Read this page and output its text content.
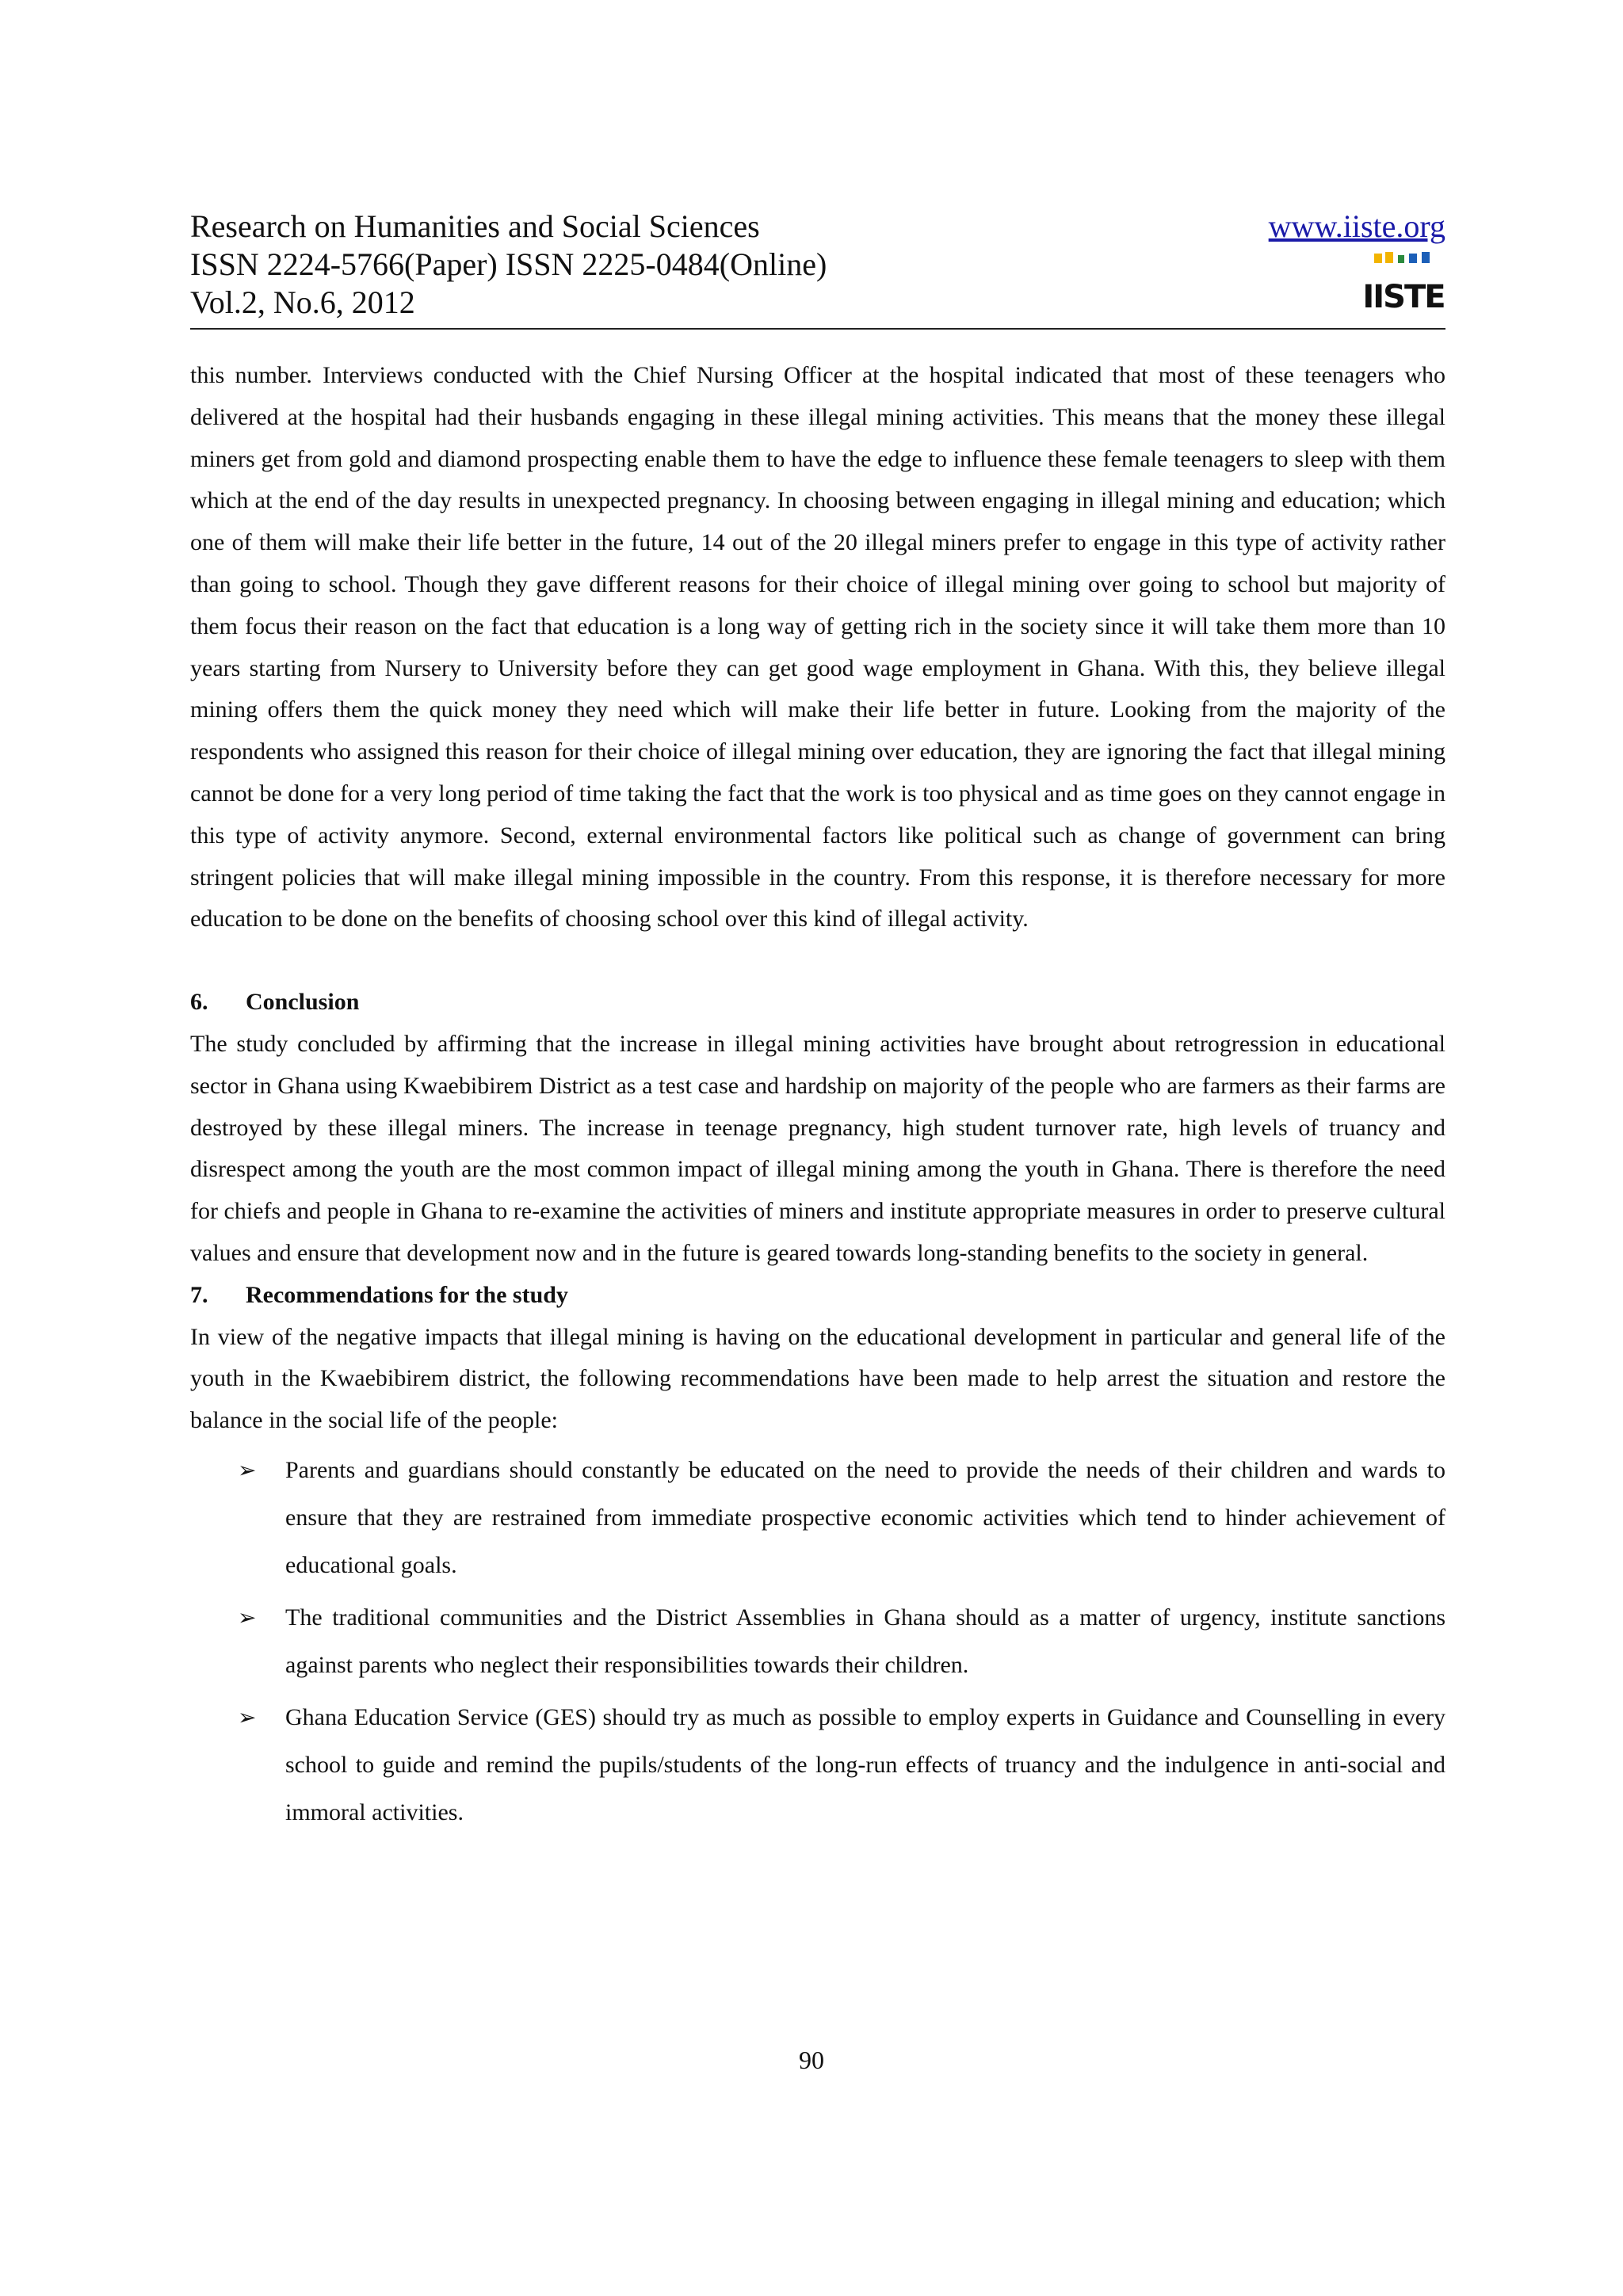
Research on Humanities and Social Sciences
ISSN 2224-5766(Paper) ISSN 2225-0484(Online)
Vol.2, No.6, 2012
www.iiste.org
IISTE

this number. Interviews conducted with the Chief Nursing Officer at the hospital indicated that most of these teenagers who delivered at the hospital had their husbands engaging in these illegal mining activities. This means that the money these illegal miners get from gold and diamond prospecting enable them to have the edge to influence these female teenagers to sleep with them which at the end of the day results in unexpected pregnancy. In choosing between engaging in illegal mining and education; which one of them will make their life better in the future, 14 out of the 20 illegal miners prefer to engage in this type of activity rather than going to school. Though they gave different reasons for their choice of illegal mining over going to school but majority of them focus their reason on the fact that education is a long way of getting rich in the society since it will take them more than 10 years starting from Nursery to University before they can get good wage employment in Ghana. With this, they believe illegal mining offers them the quick money they need which will make their life better in future. Looking from the majority of the respondents who assigned this reason for their choice of illegal mining over education, they are ignoring the fact that illegal mining cannot be done for a very long period of time taking the fact that the work is too physical and as time goes on they cannot engage in this type of activity anymore. Second, external environmental factors like political such as change of government can bring stringent policies that will make illegal mining impossible in the country. From this response, it is therefore necessary for more education to be done on the benefits of choosing school over this kind of illegal activity.

6. Conclusion

The study concluded by affirming that the increase in illegal mining activities have brought about retrogression in educational sector in Ghana using Kwaebibirem District as a test case and hardship on majority of the people who are farmers as their farms are destroyed by these illegal miners. The increase in teenage pregnancy, high student turnover rate, high levels of truancy and disrespect among the youth are the most common impact of illegal mining among the youth in Ghana. There is therefore the need for chiefs and people in Ghana to re-examine the activities of miners and institute appropriate measures in order to preserve cultural values and ensure that development now and in the future is geared towards long-standing benefits to the society in general.

7. Recommendations for the study

In view of the negative impacts that illegal mining is having on the educational development in particular and general life of the youth in the Kwaebibirem district, the following recommendations have been made to help arrest the situation and restore the balance in the social life of the people:

➢ Parents and guardians should constantly be educated on the need to provide the needs of their children and wards to ensure that they are restrained from immediate prospective economic activities which tend to hinder achievement of educational goals.
➢ The traditional communities and the District Assemblies in Ghana should as a matter of urgency, institute sanctions against parents who neglect their responsibilities towards their children.
➢ Ghana Education Service (GES) should try as much as possible to employ experts in Guidance and Counselling in every school to guide and remind the pupils/students of the long-run effects of truancy and the indulgence in anti-social and immoral activities.
90
